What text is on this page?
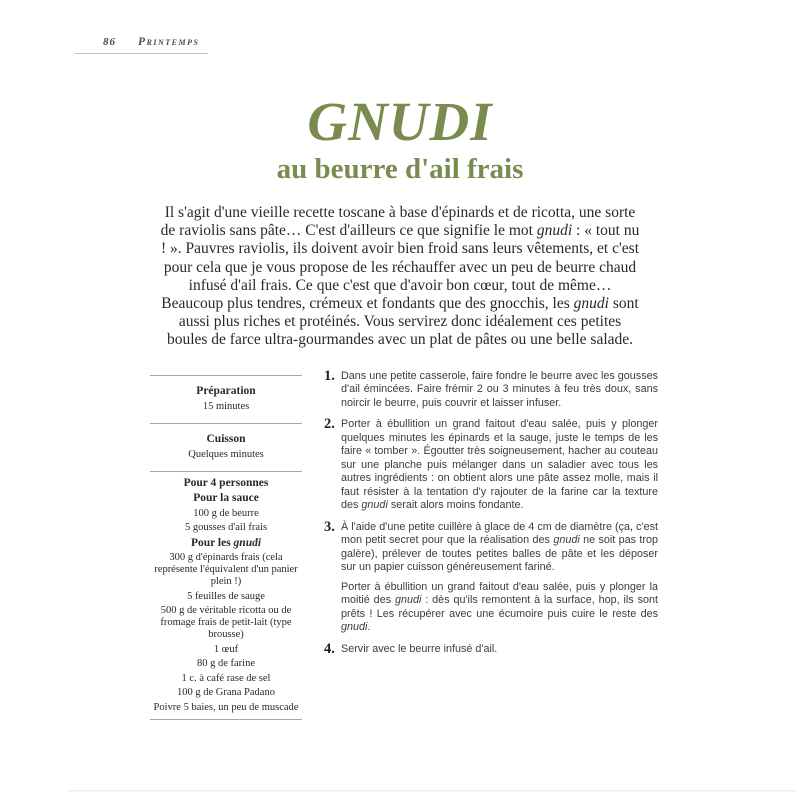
86 Printemps
GNUDI
au beurre d'ail frais

Il s'agit d'une vieille recette toscane à base d'épinards et de ricotta, une sorte de raviolis sans pâte… C'est d'ailleurs ce que signifie le mot gnudi : « tout nu ! ». Pauvres raviolis, ils doivent avoir bien froid sans leurs vêtements, et c'est pour cela que je vous propose de les réchauffer avec un peu de beurre chaud infusé d'ail frais. Ce que c'est que d'avoir bon cœur, tout de même…

Beaucoup plus tendres, crémeux et fondants que des gnocchis, les gnudi sont aussi plus riches et protéinés. Vous servirez donc idéalement ces petites boules de farce ultra-gourmandes avec un plat de pâtes ou une belle salade.

Préparation
15 minutes
Cuisson
Quelques minutes
Pour 4 personnes
Pour la sauce
100 g de beurre
5 gousses d'ail frais
Pour les gnudi
300 g d'épinards frais (cela représente l'équivalent d'un panier plein !)
5 feuilles de sauge
500 g de véritable ricotta ou de fromage frais de petit-lait (type brousse)
1 œuf
80 g de farine
1 c. à café rase de sel
100 g de Grana Padano
Poivre 5 baies, un peu de muscade
1. Dans une petite casserole, faire fondre le beurre avec les gousses d'ail émincées. Faire frémir 2 ou 3 minutes à feu très doux, sans noircir le beurre, puis couvrir et laisser infuser.

2. Porter à ébullition un grand faitout d'eau salée, puis y plonger quelques minutes les épinards et la sauge, juste le temps de les faire « tomber ». Égoutter très soigneusement, hacher au couteau sur une planche puis mélanger dans un saladier avec tous les autres ingrédients : on obtient alors une pâte assez molle, mais il faut résister à la tentation d'y rajouter de la farine car la texture des gnudi serait alors moins fondante.

3. À l'aide d'une petite cuillère à glace de 4 cm de diamètre (ça, c'est mon petit secret pour que la réalisation des gnudi ne soit pas trop galère), prélever de toutes petites balles de pâte et les déposer sur un papier cuisson généreusement fariné.

Porter à ébullition un grand faitout d'eau salée, puis y plonger la moitié des gnudi : dès qu'ils remontent à la surface, hop, ils sont prêts ! Les récupérer avec une écumoire puis cuire le reste des gnudi.

4. Servir avec le beurre infusé d'ail.
